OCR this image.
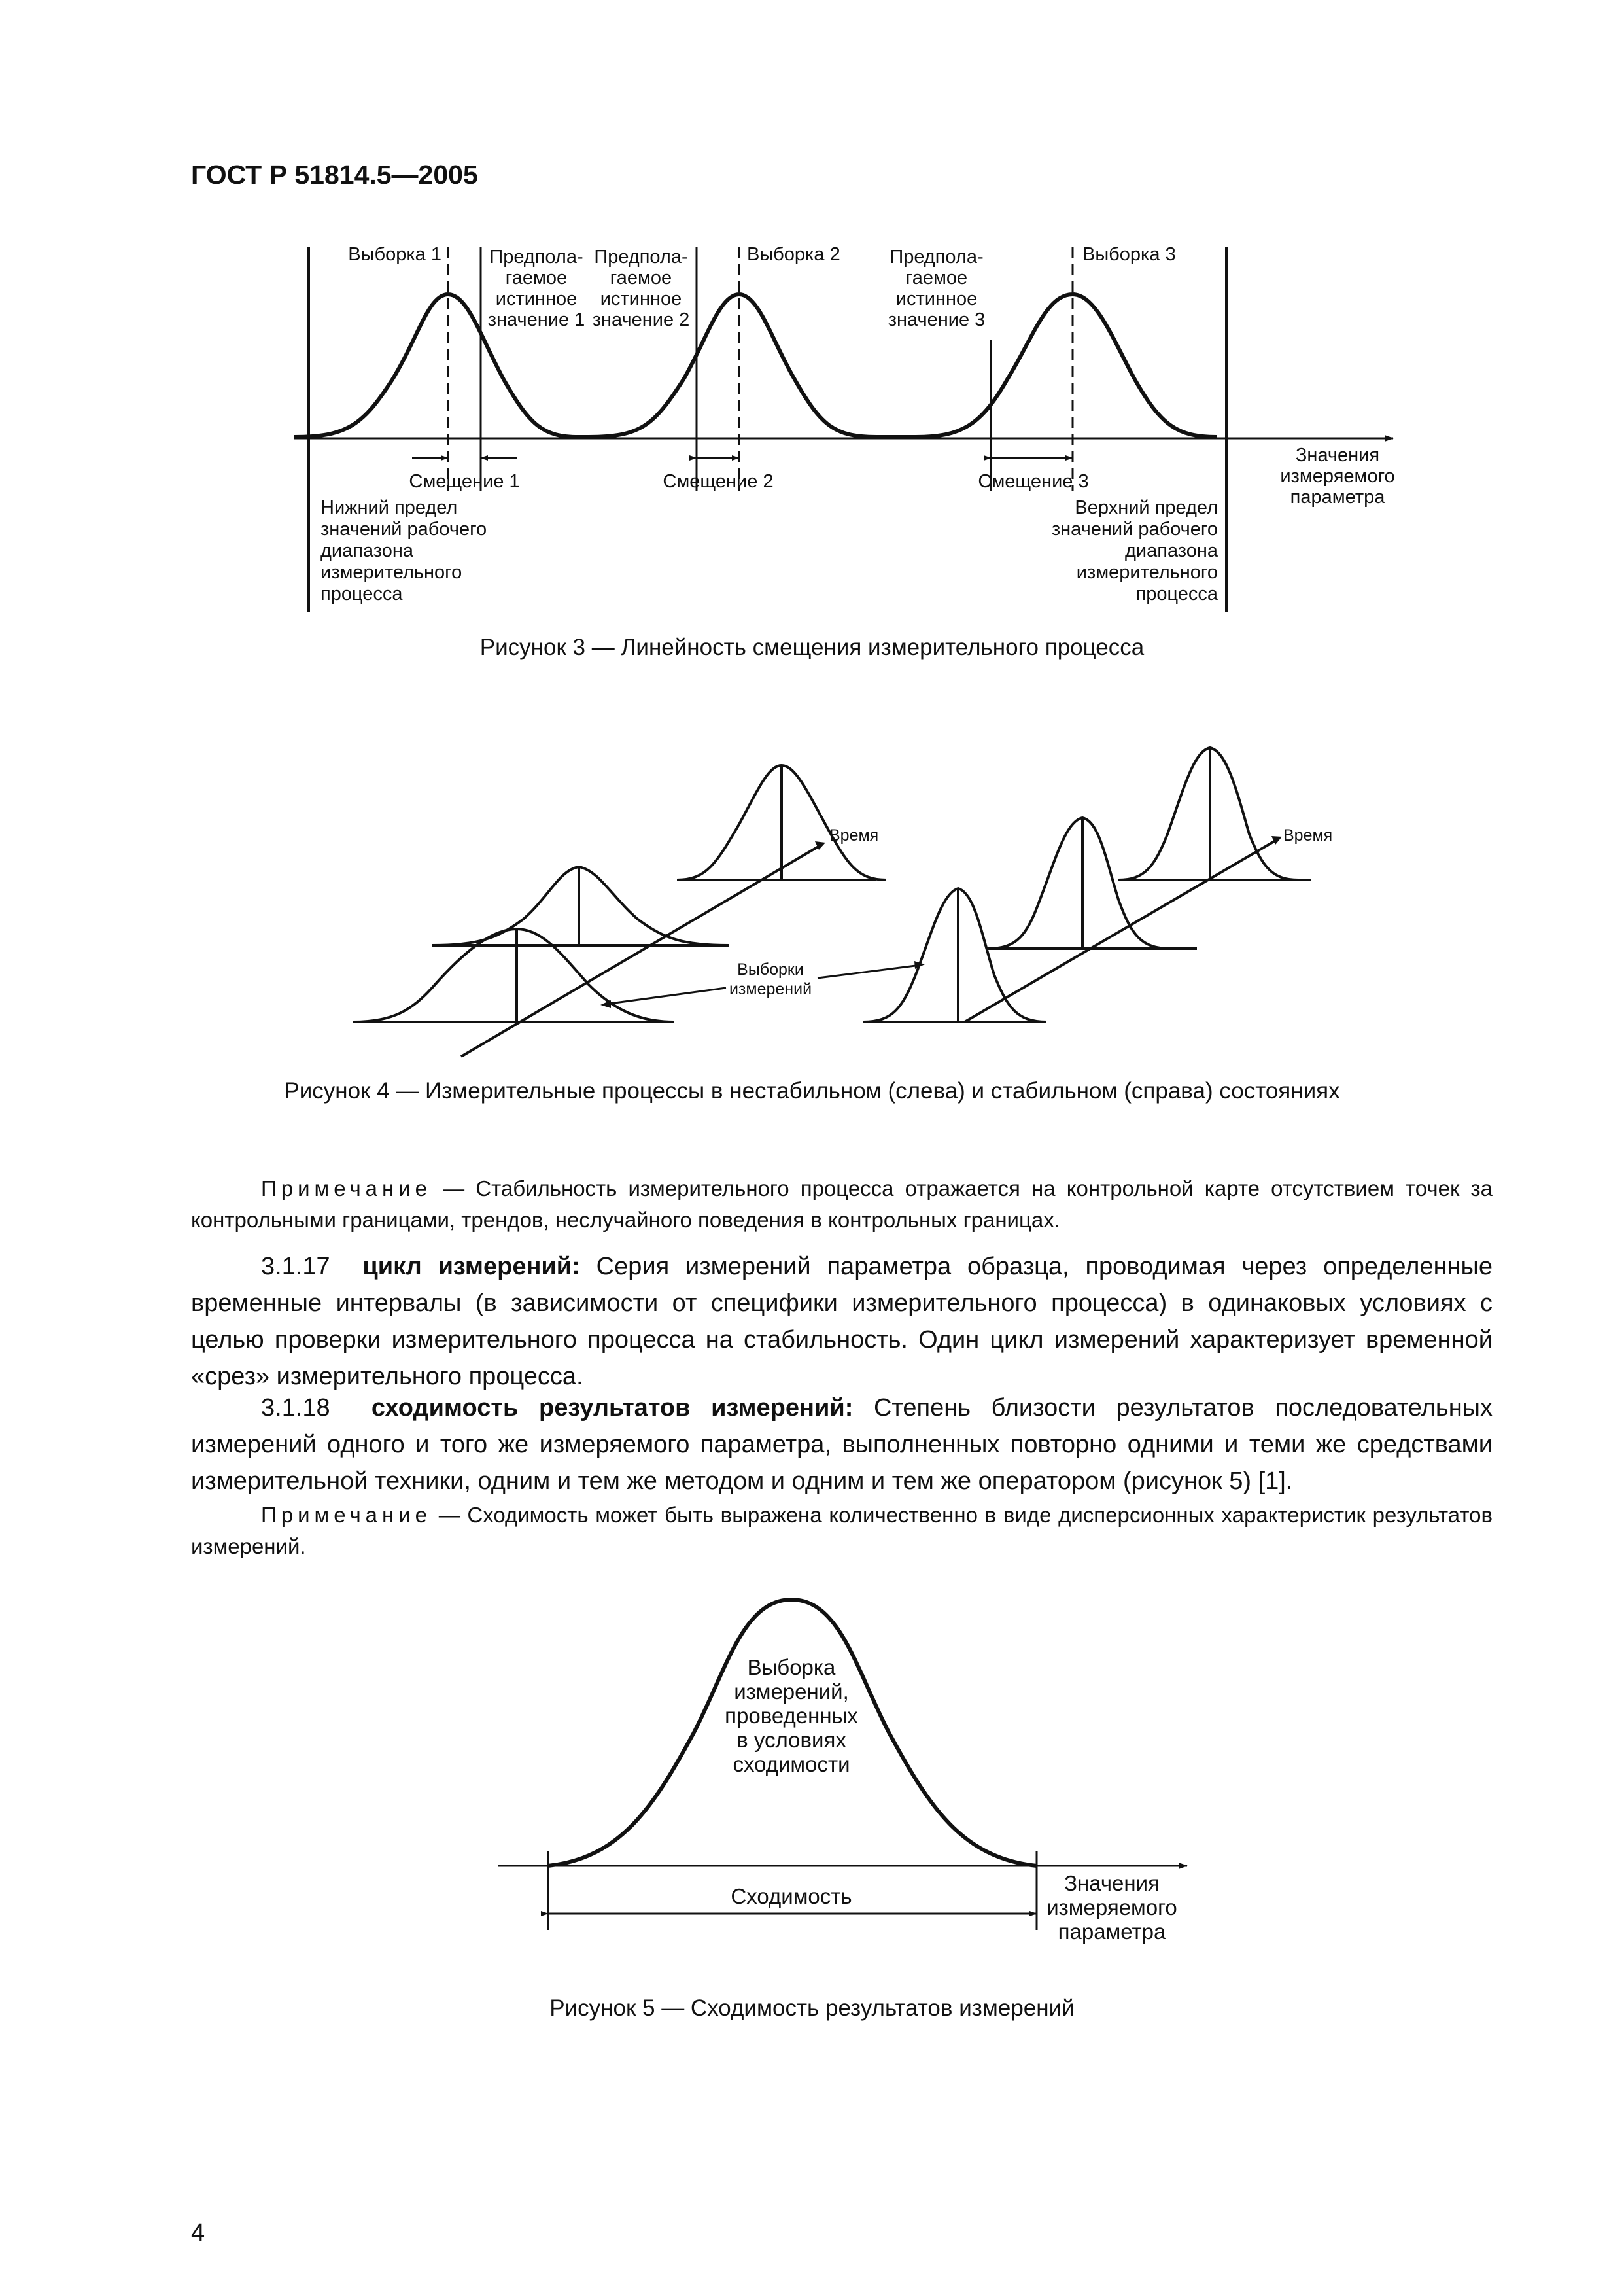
ГОСТ Р 51814.5—2005
Выборка 1	Выборка 2	Выборка 3
Предпола-
гаемое
истинное
значение 1
Предпола-
гаемое
истинное
значение 2
Предпола-
гаемое
истинное
значение 3
Смещение 1	Смещение 2	Смещение 3
Нижний предел
значений рабочего
диапазона
измерительного
процесса
Верхний предел
значений рабочего
диапазона
измерительного
процесса
Значения
измеряемого
параметра
Рисунок 3 — Линейность смещения измерительного процесса
Время	Время
Выборки
измерений
Рисунок 4 — Измерительные процессы в нестабильном (слева) и стабильном (справа) состояниях

Примечание — Стабильность измерительного процесса отражается на контрольной карте отсутствием точек за контрольными границами, трендов, неслучайного поведения в контрольных границах.

3.1.17 цикл измерений: Серия измерений параметра образца, проводимая через определенные временные интервалы (в зависимости от специфики измерительного процесса) в одинаковых условиях с целью проверки измерительного процесса на стабильность. Один цикл измерений характеризует временной «срез» измерительного процесса.

3.1.18 сходимость результатов измерений: Степень близости результатов последовательных измерений одного и того же измеряемого параметра, выполненных повторно одними и теми же средствами измерительной техники, одним и тем же методом и одним и тем же оператором (рисунок 5) [1].

Примечание — Сходимость может быть выражена количественно в виде дисперсионных характеристик результатов измерений.

Выборка
измерений,
проведенных
в условиях
сходимости
Сходимость
Значения
измеряемого
параметра
Рисунок 5 — Сходимость результатов измерений
4
